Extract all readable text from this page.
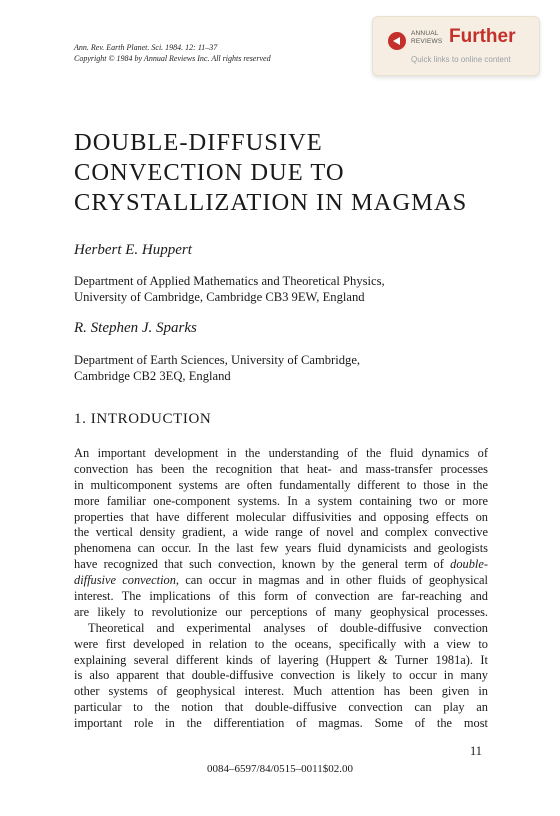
Ann. Rev. Earth Planet. Sci. 1984. 12: 11–37
Copyright © 1984 by Annual Reviews Inc. All rights reserved
ANNUAL
REVIEWS Further
Quick links to online content
DOUBLE-DIFFUSIVE
CONVECTION DUE TO
CRYSTALLIZATION IN MAGMAS

Herbert E. Huppert

Department of Applied Mathematics and Theoretical Physics,
University of Cambridge, Cambridge CB3 9EW, England

R. Stephen J. Sparks

Department of Earth Sciences, University of Cambridge,
Cambridge CB2 3EQ, England
1. INTRODUCTION
An important development in the understanding of the fluid dynamics of
convection has been the recognition that heat- and mass-transfer processes
in multicomponent systems are often fundamentally different to those in the
more familiar one-component systems. In a system containing two or more
properties that have different molecular diffusivities and opposing effects on
the vertical density gradient, a wide range of novel and complex convective
phenomena can occur. In the last few years fluid dynamicists and geologists
have recognized that such convection, known by the general term of double-
diffusive convection, can occur in magmas and in other fluids of geophysical
interest. The implications of this form of convection are far-reaching and
are likely to revolutionize our perceptions of many geophysical processes.
Theoretical and experimental analyses of double-diffusive convection
were first developed in relation to the oceans, specifically with a view to
explaining several different kinds of layering (Huppert & Turner 1981a). It
is also apparent that double-diffusive convection is likely to occur in many
other systems of geophysical interest. Much attention has been given in
particular to the notion that double-diffusive convection can play an
important role in the differentiation of magmas. Some of the most
11
0084–6597/84/0515–0011$02.00
